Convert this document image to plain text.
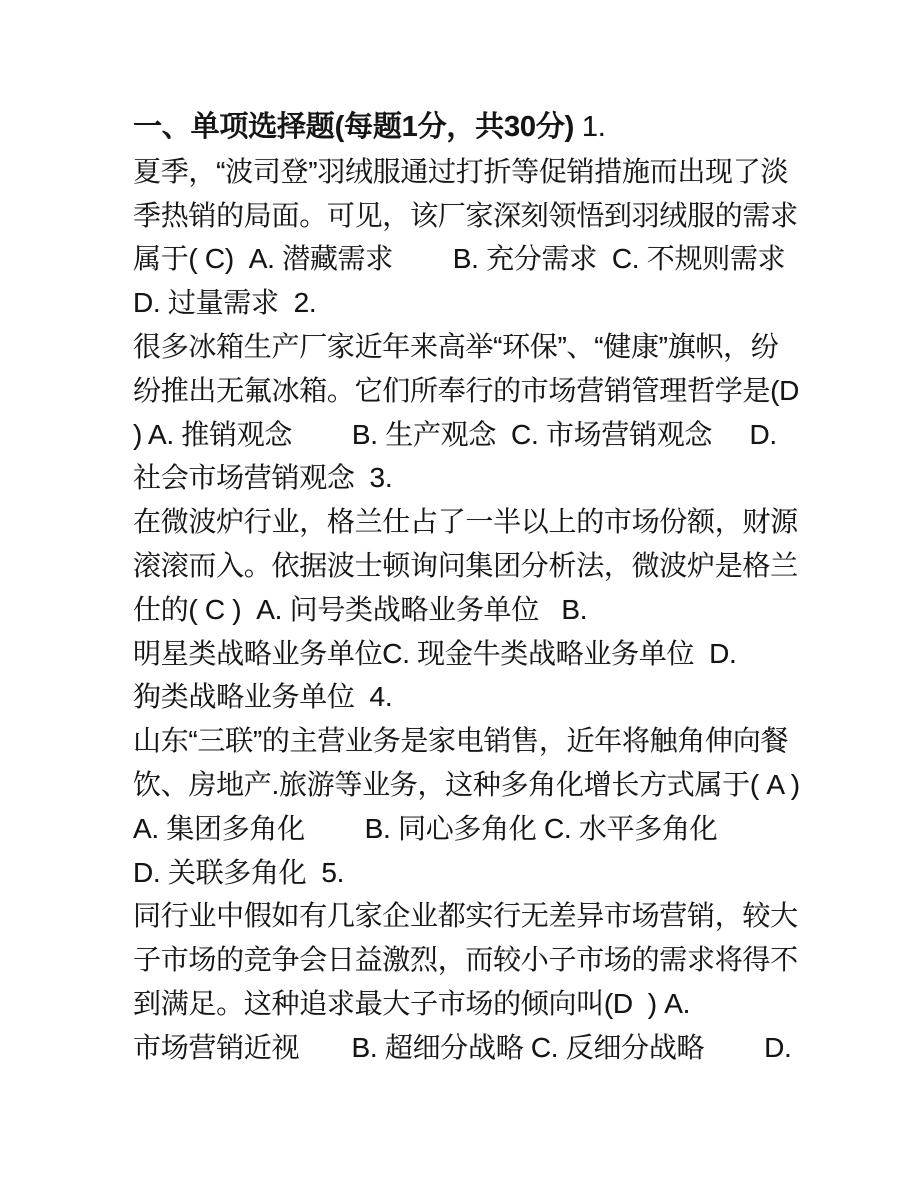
一、单项选择题(每题1分，共30分) 1.
夏季，“波司登”羽绒服通过打折等促销措施而出现了淡
季热销的局面。可见，该厂家深刻领悟到羽绒服的需求
属于( C)  A. 潜藏需求        B. 充分需求  C. 不规则需求
D. 过量需求  2.
很多冰箱生产厂家近年来高举“环保”、“健康”旗帜，纷
纷推出无氟冰箱。它们所奉行的市场营销管理哲学是(D
) A. 推销观念        B. 生产观念  C. 市场营销观念     D.
社会市场营销观念  3.
在微波炉行业，格兰仕占了一半以上的市场份额，财源
滚滚而入。依据波士顿询问集团分析法，微波炉是格兰
仕的( C )  A. 问号类战略业务单位   B.
明星类战略业务单位C. 现金牛类战略业务单位  D.
狗类战略业务单位  4.
山东“三联”的主营业务是家电销售，近年将触角伸向餐
饮、房地产.旅游等业务，这种多角化增长方式属于( A )
A. 集团多角化        B. 同心多角化 C. 水平多角化
D. 关联多角化  5.
同行业中假如有几家企业都实行无差异市场营销，较大
子市场的竞争会日益激烈，而较小子市场的需求将得不
到满足。这种追求最大子市场的倾向叫(D  ) A.
市场营销近视       B. 超细分战略 C. 反细分战略        D.
